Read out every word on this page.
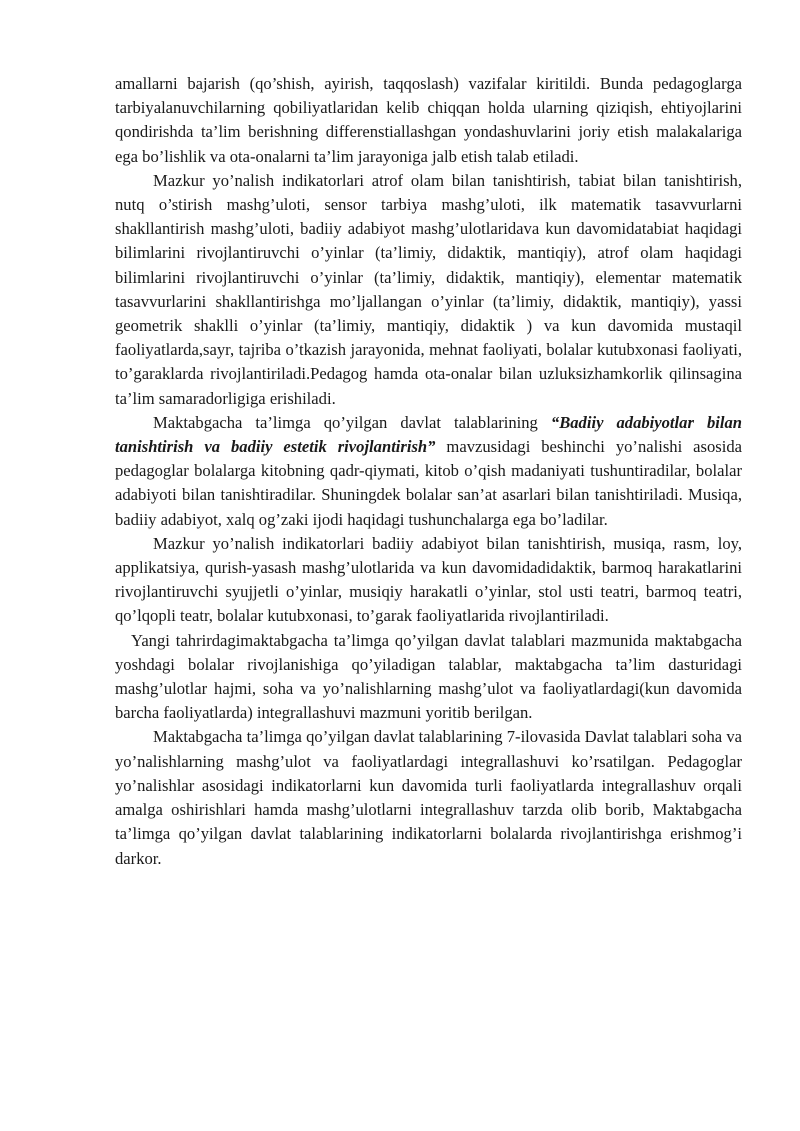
amallarni bajarish (qo’shish, ayirish, taqqoslash) vazifalar kiritildi. Bunda pedagoglarga tarbiyalanuvchilarning qobiliyatlaridan kelib chiqqan holda ularning qiziqish, ehtiyojlarini qondirishda ta’lim berishning differenstiallashgan yondashuvlarini joriy etish malakalariga ega bo’lishlik va ota-onalarni ta’lim jarayoniga jalb etish talab etiladi.

Mazkur yo’nalish indikatorlari atrof olam bilan tanishtirish, tabiat bilan tanishtirish, nutq o’stirish mashg’uloti, sensor tarbiya mashg’uloti, ilk matematik tasavvurlarni shakllantirish mashg’uloti, badiiy adabiyot mashg’ulotlaridava kun davomidatabiat haqidagi bilimlarini rivojlantiruvchi o’yinlar (ta’limiy, didaktik, mantiqiy), atrof olam haqidagi bilimlarini rivojlantiruvchi o’yinlar (ta’limiy, didaktik, mantiqiy), elementar matematik tasavvurlarini shakllantirishga mo’ljallangan o’yinlar (ta’limiy, didaktik, mantiqiy), yassi geometrik shaklli o’yinlar (ta’limiy, mantiqiy, didaktik ) va kun davomida mustaqil faoliyatlarda,sayr, tajriba o’tkazish jarayonida, mehnat faoliyati, bolalar kutubxonasi faoliyati, to’garaklarda rivojlantiriladi.Pedagog hamda ota-onalar bilan uzluksizhamkorlik qilinsagina ta’lim samaradorligiga erishiladi.

Maktabgacha ta’limga qo’yilgan davlat talablarining “Badiiy adabiyotlar bilan tanishtirish va badiiy estetik rivojlantirish” mavzusidagi beshinchi yo’nalishi asosida pedagoglar bolalarga kitobning qadr-qiymati, kitob o’qish madaniyati tushuntiradilar, bolalar adabiyoti bilan tanishtiradilar. Shuningdek bolalar san’at asarlari bilan tanishtiriladi. Musiqa, badiiy adabiyot, xalq og’zaki ijodi haqidagi tushunchalarga ega bo’ladilar.

Mazkur yo’nalish indikatorlari badiiy adabiyot bilan tanishtirish, musiqa, rasm, loy, applikatsiya, qurish-yasash mashg’ulotlarida va kun davomidadidaktik, barmoq harakatlarini rivojlantiruvchi syujjetli o’yinlar, musiqiy harakatli o’yinlar, stol usti teatri, barmoq teatri, qo’lqopli teatr, bolalar kutubxonasi, to’garak faoliyatlarida rivojlantiriladi.

Yangi tahrirdagimaktabgacha ta’limga qo’yilgan davlat talablari mazmunida maktabgacha yoshdagi bolalar rivojlanishiga qo’yiladigan talablar, maktabgacha ta’lim dasturidagi mashg’ulotlar hajmi, soha va yo’nalishlarning mashg’ulot va faoliyatlardagi(kun davomida barcha faoliyatlarda) integrallashuvi mazmuni yoritib berilgan.

Maktabgacha ta’limga qo’yilgan davlat talablarining 7-ilovasida Davlat talablari soha va yo’nalishlarning mashg’ulot va faoliyatlardagi integrallashuvi ko’rsatilgan. Pedagoglar yo’nalishlar asosidagi indikatorlarni kun davomida turli faoliyatlarda integrallashuv orqali amalga oshirishlari hamda mashg’ulotlarni integrallashuv tarzda olib borib, Maktabgacha ta’limga qo’yilgan davlat talablarining indikatorlarni bolalarda rivojlantirishga erishmog’i darkor.
